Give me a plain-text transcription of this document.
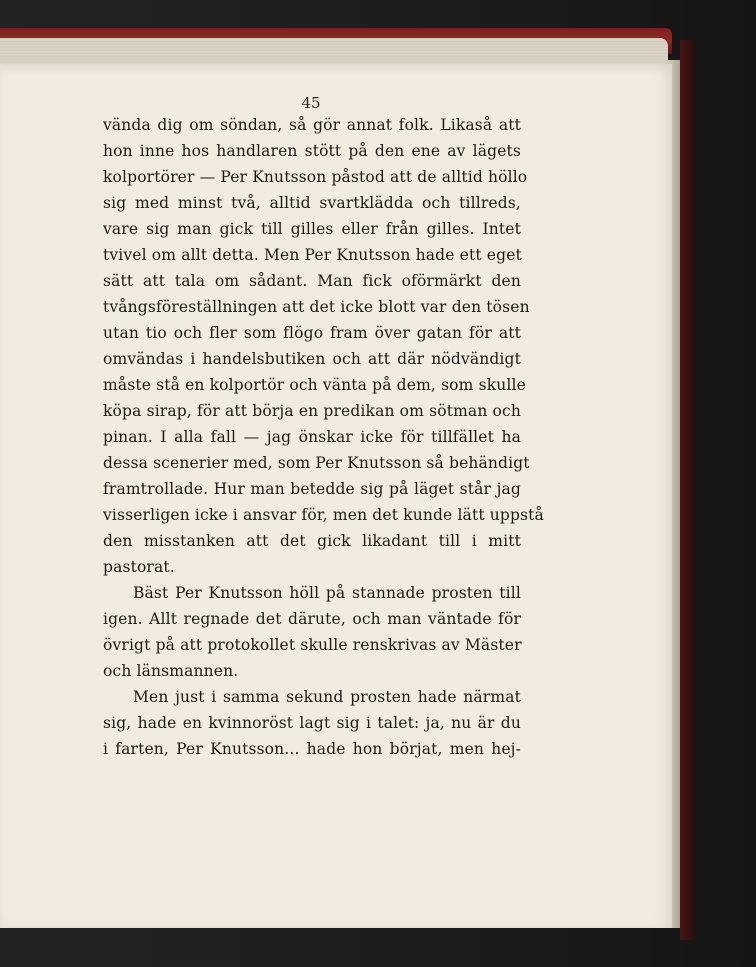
45
vända dig om söndan, så gör annat folk. Likaså att
hon inne hos handlaren stött på den ene av lägets
kolportörer — Per Knutsson påstod att de alltid höllo
sig med minst två, alltid svartklädda och tillreds,
vare sig man gick till gilles eller från gilles. Intet
tvivel om allt detta. Men Per Knutsson hade ett eget
sätt att tala om sådant. Man fick oförmärkt den
tvångsföreställningen att det icke blott var den tösen
utan tio och fler som flögo fram över gatan för att
omvändas i handelsbutiken och att där nödvändigt
måste stå en kolportör och vänta på dem, som skulle
köpa sirap, för att börja en predikan om sötman och
pinan. I alla fall — jag önskar icke för tillfället ha
dessa scenerier med, som Per Knutsson så behändigt
framtrollade. Hur man betedde sig på läget står jag
visserligen icke i ansvar för, men det kunde lätt uppstå
den misstanken att det gick likadant till i mitt
pastorat.
Bäst Per Knutsson höll på stannade prosten till
igen. Allt regnade det därute, och man väntade för
övrigt på att protokollet skulle renskrivas av Mäster
och länsmannen.
Men just i samma sekund prosten hade närmat
sig, hade en kvinnoröst lagt sig i talet: ja, nu är du
i farten, Per Knutsson... hade hon börjat, men hej-
